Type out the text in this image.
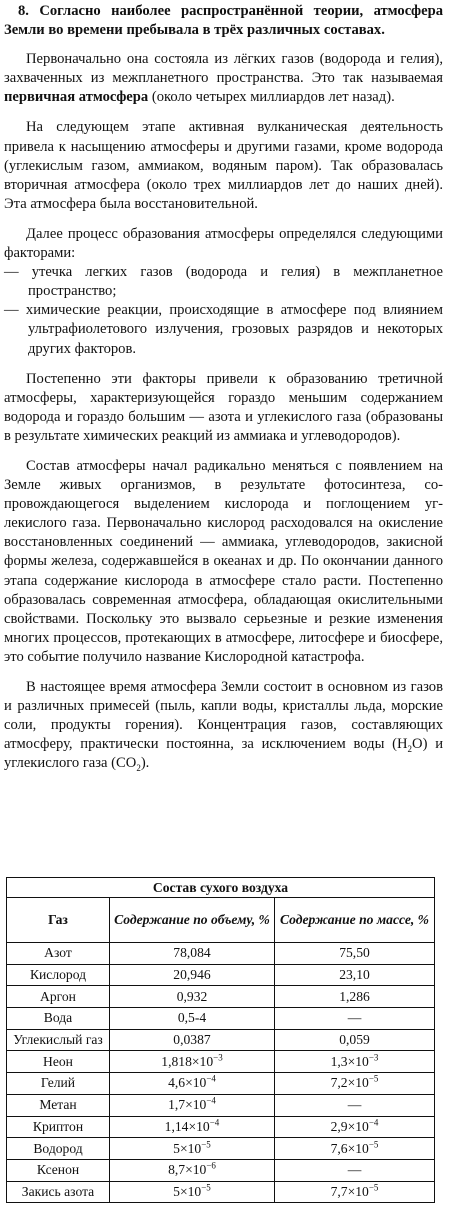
8. Согласно наиболее распространённой теории, атмосфера Земли во времени пребывала в трёх различных составах.

Первоначально она состояла из лёгких газов (водорода и гелия), захваченных из межпланетного пространства. Это так называемая первичная атмосфера (около четырех миллиардов лет назад).

На следующем этапе активная вулканическая деятельность привела к насыщению атмосферы и другими газами, кроме водорода (углекислым газом, аммиаком, водяным паром). Так образовалась вторичная атмосфера (около трех миллиардов лет до наших дней). Эта атмосфера была восстановительной.

Далее процесс образования атмосферы определялся следующими факторами:

— утечка легких газов (водорода и гелия) в межпланетное пространство;
— химические реакции, происходящие в атмосфере под влиянием ультрафиолетового излучения, грозовых разрядов и некоторых других факторов.

Постепенно эти факторы привели к образованию третичной атмосферы, характеризующейся гораздо меньшим содержанием водорода и гораздо большим — азота и углекислого газа (образованы в результате химических реакций из аммиака и углеводородов).

Состав атмосферы начал радикально меняться с появлением на Земле живых организмов, в результате фотосинтеза, сопровождающегося выделением кислорода и поглощением углекислого газа. Первоначально кислород расходовался на окисление восстановленных соединений — аммиака, углеводородов, закисной формы железа, содержавшейся в океанах и др. По окончании данного этапа содержание кислорода в атмосфере стало расти. Постепенно образовалась современная атмосфера, обладающая окислительными свойствами. Поскольку это вызвало серьезные и резкие изменения многих процессов, протекающих в атмосфере, литосфере и биосфере, это событие получило название Кислородной катастрофа.

В настоящее время атмосфера Земли состоит в основном из газов и различных примесей (пыль, капли воды, кристаллы льда, морские соли, продукты горения). Концентрация газов, составляющих атмосферу, практически постоянна, за исключением воды $(H_2O)$ и углекислого газа $(CO_2)$.

Состав сухого воздуха		
Газ	Содержание по объему, %	Содержание по массе, %
Азот	78,084	75,50
Кислород	20,946	23,10
Аргон	0,932	1,286
Вода	0,5-4	—
Углекислый газ	0,0387	0,059
Неон	$1,818\times 10^{-3}$	$1,3\times 10^{-3}$
Гелий	$4,6\times 10^{-4}$	$7,2\times 10^{-5}$
Метан	$1,7\times 10^{-4}$	—
Криптон	$1,14\times 10^{-4}$	$2,9\times 10^{-4}$
Водород	$5\times 10^{-5}$	$7,6\times 10^{-5}$
Ксенон	$8,7\times 10^{-6}$	—
Закись азота	$5\times 10^{-5}$	$7,7\times 10^{-5}$
